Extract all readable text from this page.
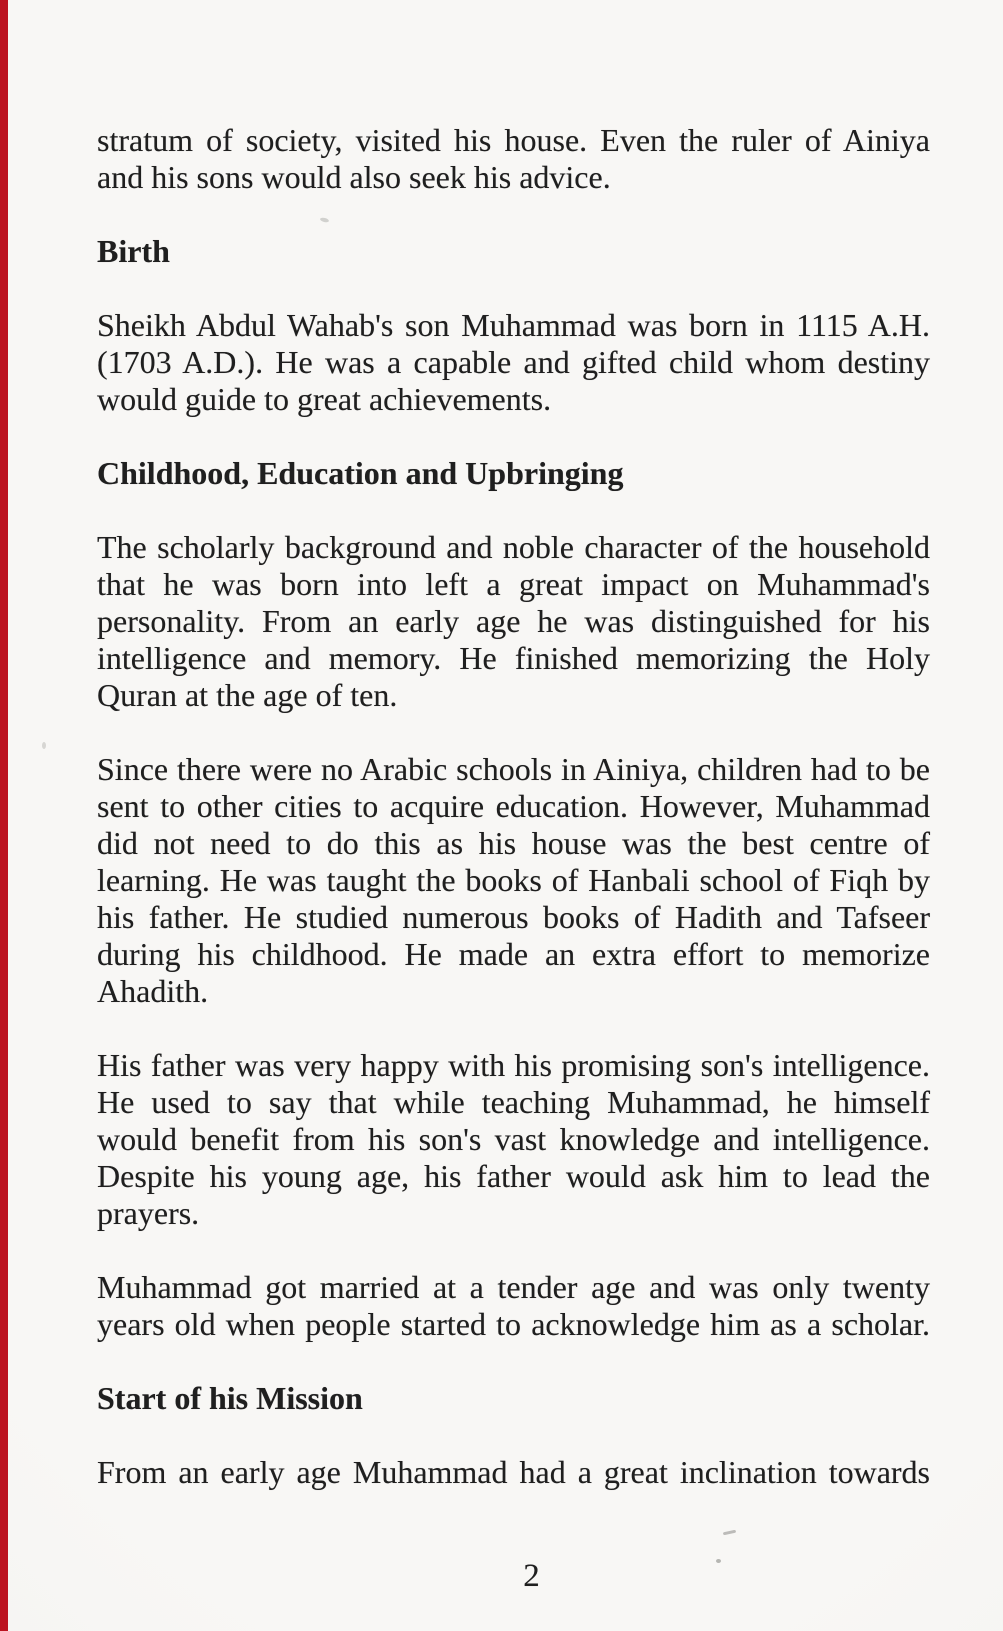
stratum of society, visited his house. Even the ruler of Ainiya
and his sons would also seek his advice.
Birth
Sheikh Abdul Wahab's son Muhammad was born in 1115 A.H.
(1703 A.D.). He was a capable and gifted child whom destiny
would guide to great achievements.
Childhood, Education and Upbringing
The scholarly background and noble character of the household
that he was born into left a great impact on Muhammad's
personality. From an early age he was distinguished for his
intelligence and memory. He finished memorizing the Holy
Quran at the age of ten.
Since there were no Arabic schools in Ainiya, children had to be
sent to other cities to acquire education. However, Muhammad
did not need to do this as his house was the best centre of
learning. He was taught the books of Hanbali school of Fiqh by
his father. He studied numerous books of Hadith and Tafseer
during his childhood. He made an extra effort to memorize
Ahadith.
His father was very happy with his promising son's intelligence.
He used to say that while teaching Muhammad, he himself
would benefit from his son's vast knowledge and intelligence.
Despite his young age, his father would ask him to lead the
prayers.
Muhammad got married at a tender age and was only twenty
years old when people started to acknowledge him as a scholar.
Start of his Mission
From an early age Muhammad had a great inclination towards
2
